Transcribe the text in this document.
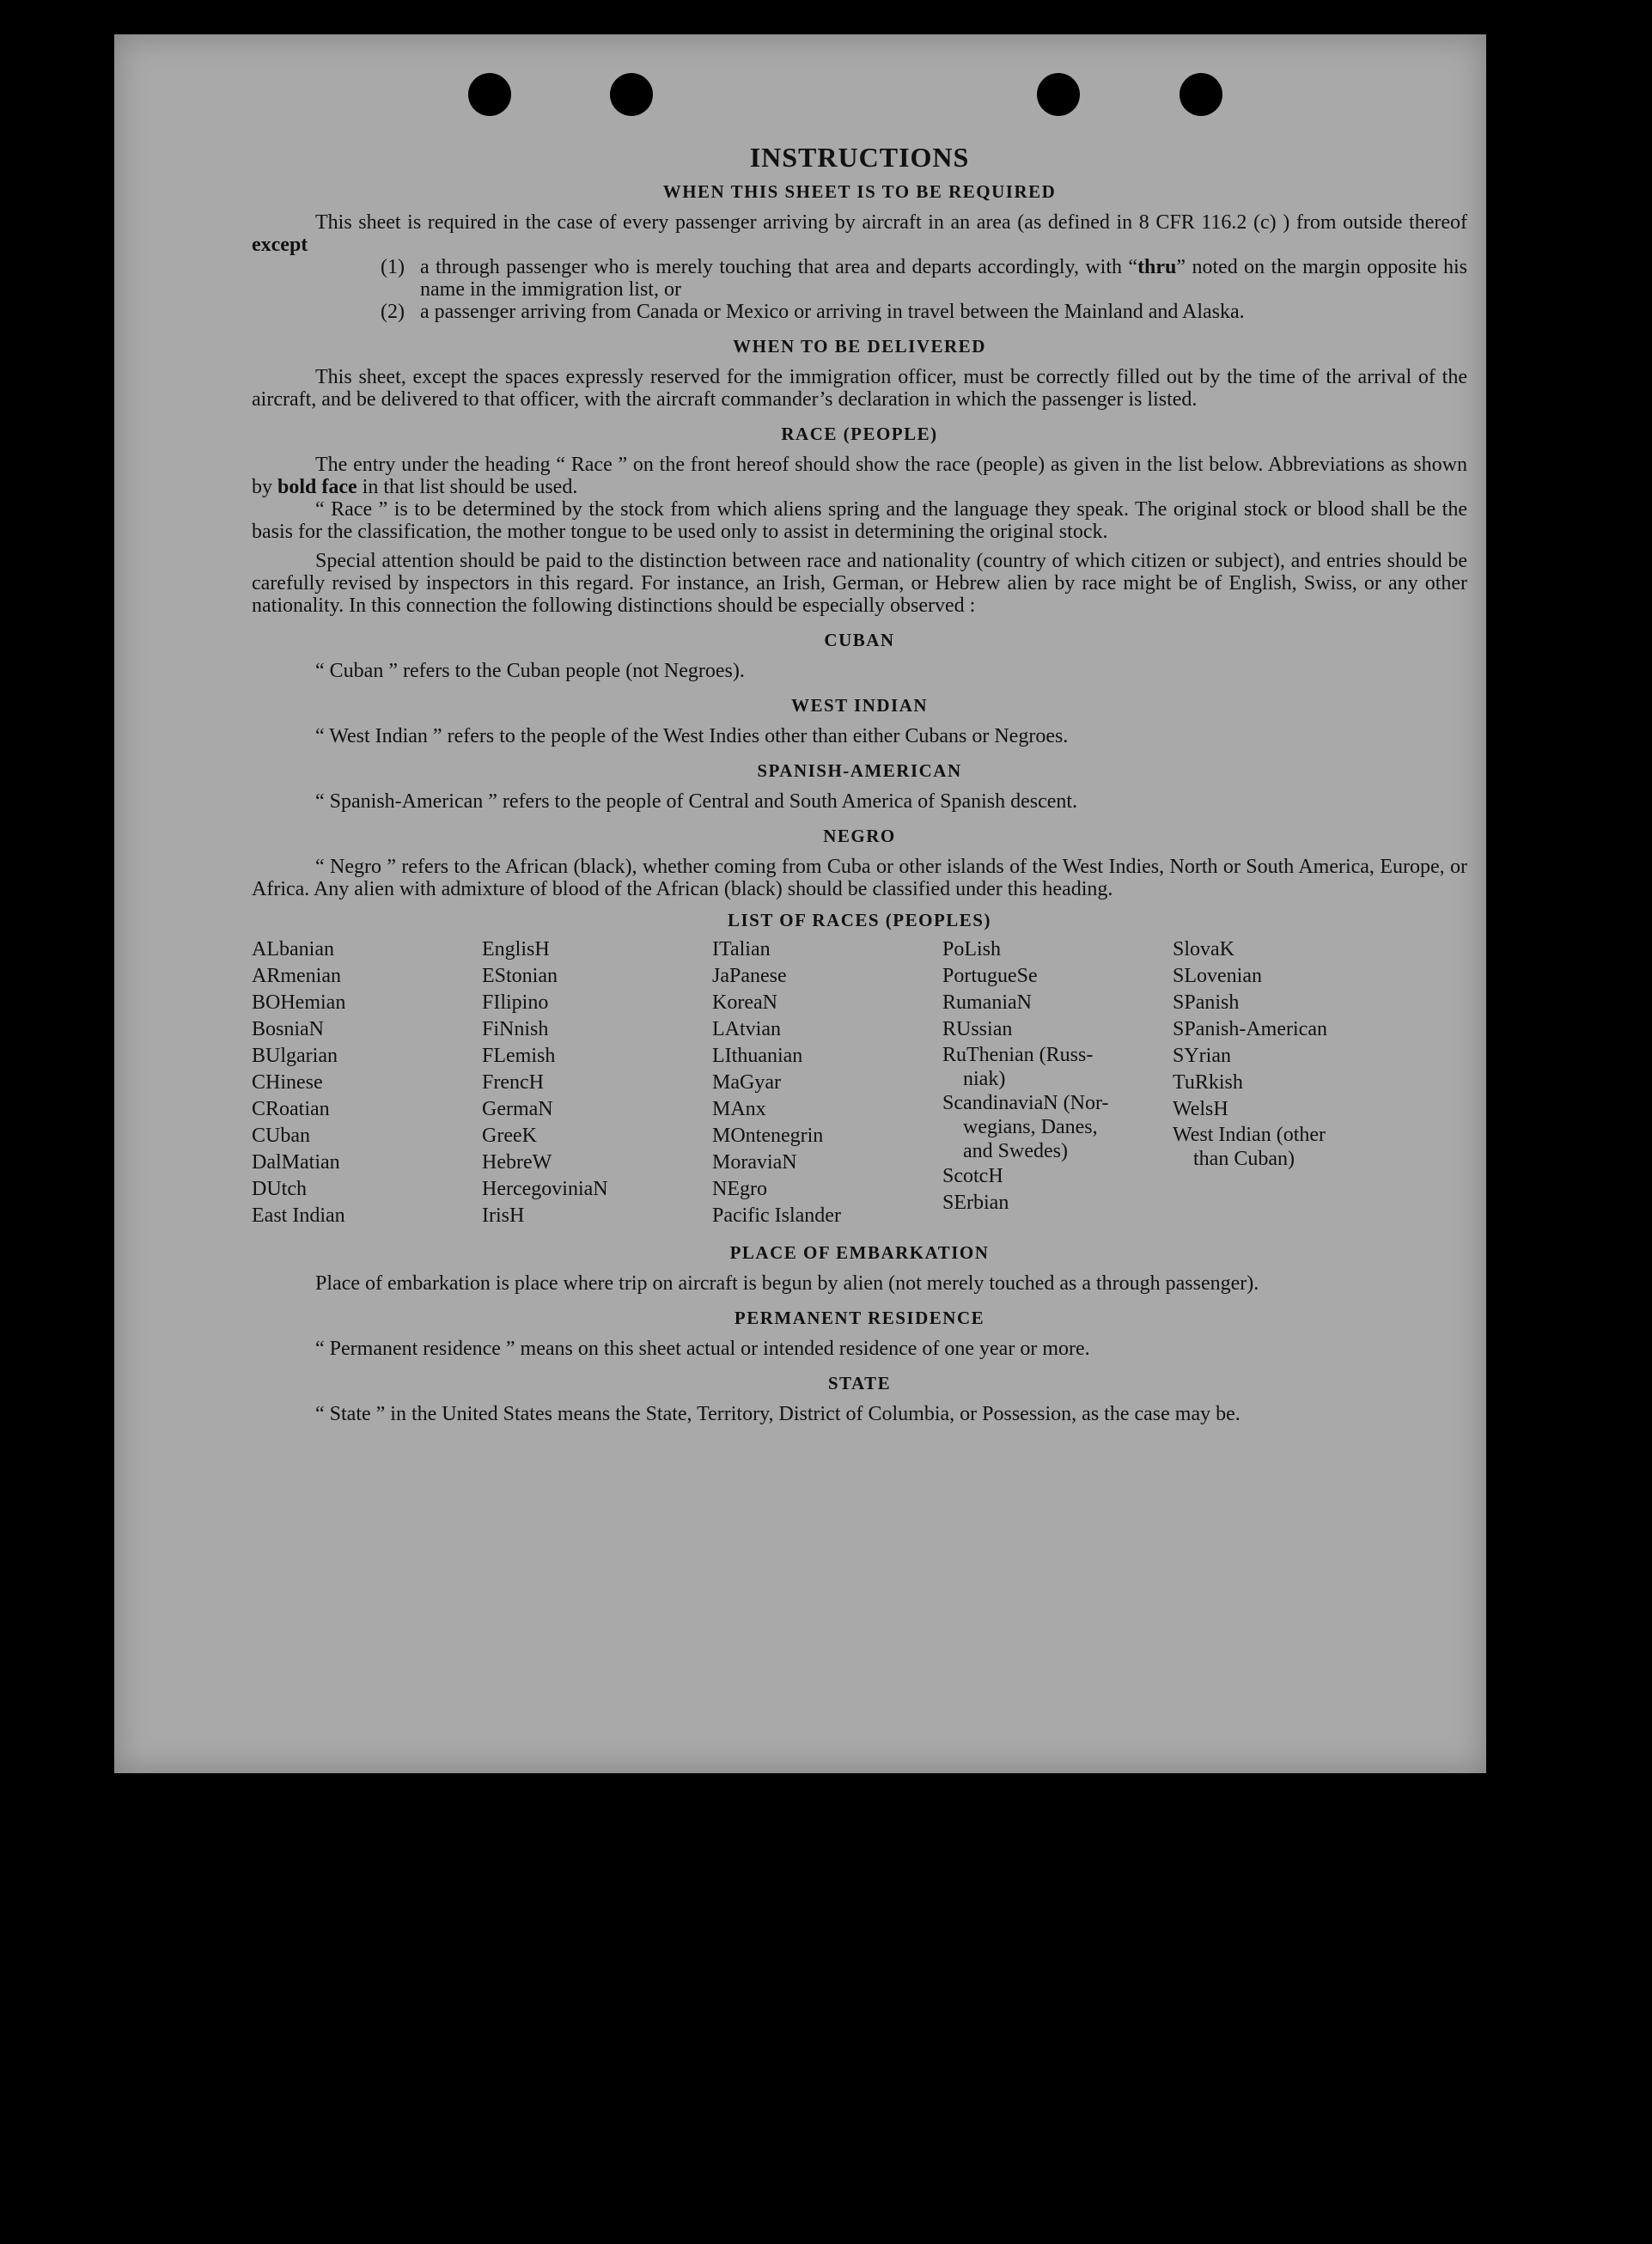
INSTRUCTIONS
WHEN THIS SHEET IS TO BE REQUIRED

This sheet is required in the case of every passenger arriving by aircraft in an area (as defined in 8 CFR 116.2 (c) ) from outside thereof except

(1) a through passenger who is merely touching that area and departs accordingly, with “thru” noted on the margin opposite his name in the immigration list, or
(2) a passenger arriving from Canada or Mexico or arriving in travel between the Mainland and Alaska.
WHEN TO BE DELIVERED

This sheet, except the spaces expressly reserved for the immigration officer, must be correctly filled out by the time of the arrival of the aircraft, and be delivered to that officer, with the aircraft commander’s declaration in which the passenger is listed.

RACE (PEOPLE)

The entry under the heading “ Race ” on the front hereof should show the race (people) as given in the list below. Abbreviations as shown by bold face in that list should be used.

“ Race ” is to be determined by the stock from which aliens spring and the language they speak. The original stock or blood shall be the basis for the classification, the mother tongue to be used only to assist in determining the original stock.

Special attention should be paid to the distinction between race and nationality (country of which citizen or subject), and entries should be carefully revised by inspectors in this regard. For instance, an Irish, German, or Hebrew alien by race might be of English, Swiss, or any other nationality. In this connection the following distinctions should be especially observed :

CUBAN

“ Cuban ” refers to the Cuban people (not Negroes).

WEST INDIAN

“ West Indian ” refers to the people of the West Indies other than either Cubans or Negroes.

SPANISH-AMERICAN

“ Spanish-American ” refers to the people of Central and South America of Spanish descent.

NEGRO

“ Negro ” refers to the African (black), whether coming from Cuba or other islands of the West Indies, North or South America, Europe, or Africa. Any alien with admixture of blood of the African (black) should be classified under this heading.

LIST OF RACES (PEOPLES)
ALbanian
ARmenian
BOHemian
BosniaN
BUlgarian
CHinese
CRoatian
CUban
DalMatian
DUtch
East Indian
EnglisH
EStonian
FIlipino
FiNnish
FLemish
FrencH
GermaN
GreeK
HebreW
HercegoviniaN
IrisH
ITalian
JaPanese
KoreaN
LAtvian
LIthuanian
MaGyar
MAnx
MOntenegrin
MoraviaN
NEgro
Pacific Islander
PoLish
PortugueSe
RumaniaN
RUssian
RuThenian (Russ-
niak)
ScandinaviaN (Nor-
wegians, Danes,
and Swedes)
ScotcH
SErbian
SlovaK
SLovenian
SPanish
SPanish-American
SYrian
TuRkish
WelsH
West Indian (other
than Cuban)
PLACE OF EMBARKATION

Place of embarkation is place where trip on aircraft is begun by alien (not merely touched as a through passenger).

PERMANENT RESIDENCE

“ Permanent residence ” means on this sheet actual or intended residence of one year or more.

STATE

“ State ” in the United States means the State, Territory, District of Columbia, or Possession, as the case may be.
